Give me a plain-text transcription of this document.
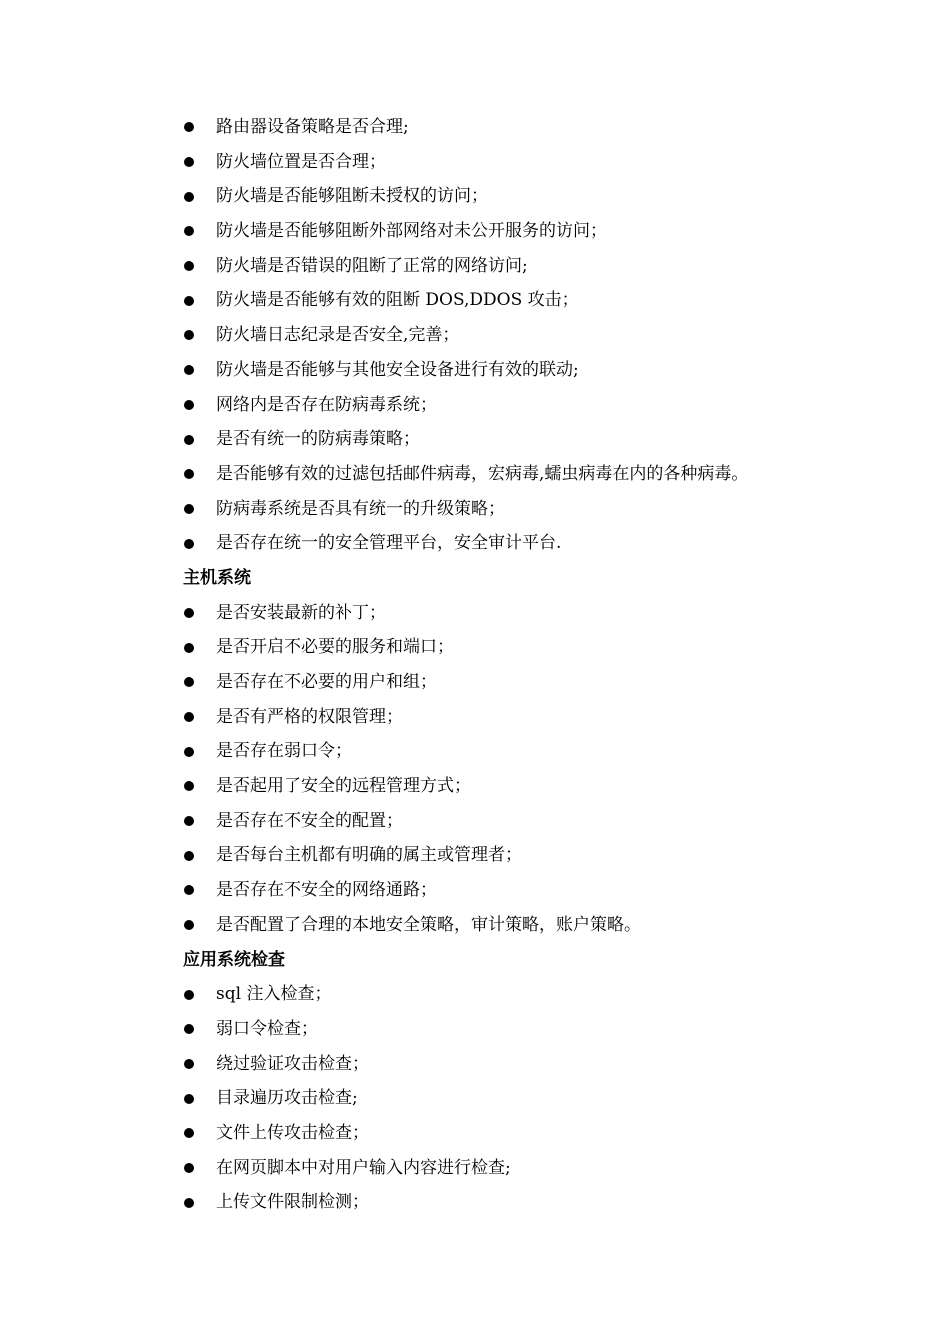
路由器设备策略是否合理;
防火墙位置是否合理；
防火墙是否能够阻断未授权的访问；
防火墙是否能够阻断外部网络对未公开服务的访问；
防火墙是否错误的阻断了正常的网络访问;
防火墙是否能够有效的阻断 DOS,DDOS 攻击；
防火墙日志纪录是否安全,完善；
防火墙是否能够与其他安全设备进行有效的联动;
网络内是否存在防病毒系统；
是否有统一的防病毒策略；
是否能够有效的过滤包括邮件病毒，宏病毒,蠕虫病毒在内的各种病毒。
防病毒系统是否具有统一的升级策略；
是否存在统一的安全管理平台，安全审计平台.
主机系统
是否安装最新的补丁；
是否开启不必要的服务和端口；
是否存在不必要的用户和组；
是否有严格的权限管理；
是否存在弱口令；
是否起用了安全的远程管理方式；
是否存在不安全的配置；
是否每台主机都有明确的属主或管理者；
是否存在不安全的网络通路；
是否配置了合理的本地安全策略，审计策略，账户策略。
应用系统检查
sql 注入检查；
弱口令检查；
绕过验证攻击检查；
目录遍历攻击检查;
文件上传攻击检查；
在网页脚本中对用户输入内容进行检查;
上传文件限制检测；
